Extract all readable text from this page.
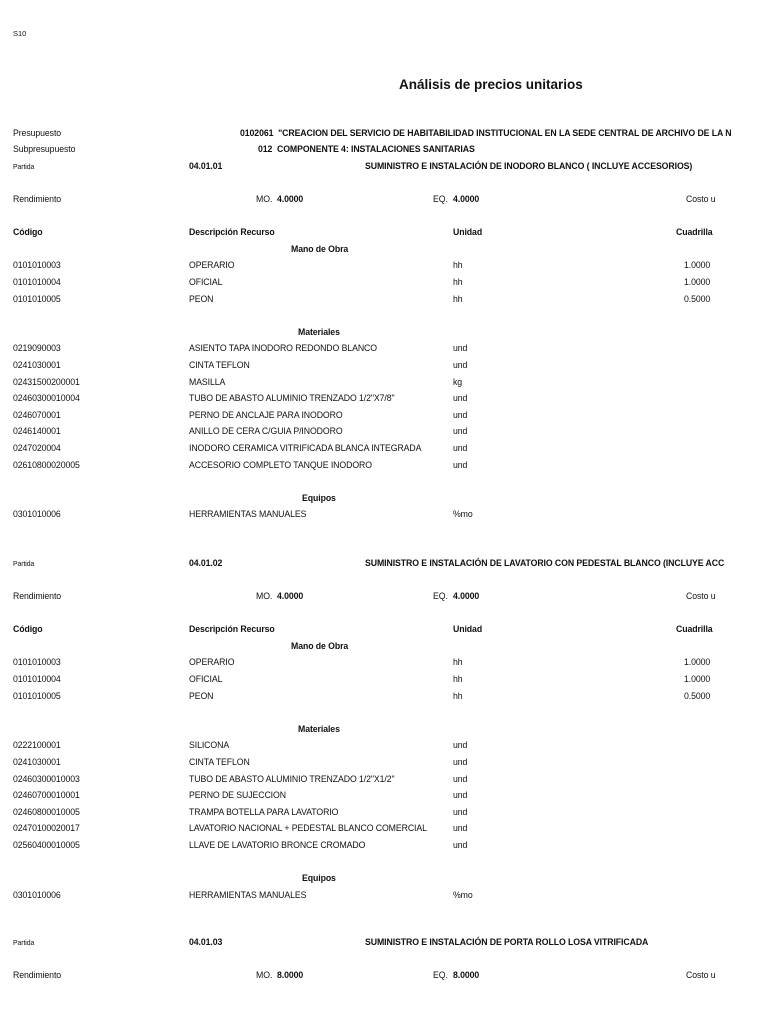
S10
Análisis de precios unitarios
Presupuesto	0102061 "CREACION DEL SERVICIO DE HABITABILIDAD INSTITUCIONAL EN LA SEDE CENTRAL DE ARCHIVO DE LA N
Subpresupuesto	012 COMPONENTE 4: INSTALACIONES SANITARIAS
Partida	04.01.01	SUMINISTRO E INSTALACIÓN DE INODORO BLANCO ( INCLUYE ACCESORIOS)
Rendimiento	MO. 4.0000	EQ. 4.0000	Costo u
Código	Descripción Recurso	Unidad	Cuadrilla
Mano de Obra
0101010003	OPERARIO	hh	1.0000
0101010004	OFICIAL	hh	1.0000
0101010005	PEON	hh	0.5000
Materiales
0219090003	ASIENTO TAPA INODORO REDONDO BLANCO	und
0241030001	CINTA TEFLON	und
02431500200001	MASILLA	kg
02460300010004	TUBO DE ABASTO ALUMINIO TRENZADO 1/2"X7/8"	und
0246070001	PERNO DE ANCLAJE PARA INODORO	und
0246140001	ANILLO DE CERA C/GUIA P/INODORO	und
0247020004	INODORO CERAMICA VITRIFICADA BLANCA INTEGRADA	und
02610800020005	ACCESORIO COMPLETO TANQUE INODORO	und
Equipos
0301010006	HERRAMIENTAS MANUALES	%mo
Partida	04.01.02	SUMINISTRO E INSTALACIÓN DE LAVATORIO CON PEDESTAL BLANCO (INCLUYE ACC
Rendimiento	MO. 4.0000	EQ. 4.0000	Costo u
Código	Descripción Recurso	Unidad	Cuadrilla
Mano de Obra
0101010003	OPERARIO	hh	1.0000
0101010004	OFICIAL	hh	1.0000
0101010005	PEON	hh	0.5000
Materiales
0222100001	SILICONA	und
0241030001	CINTA TEFLON	und
02460300010003	TUBO DE ABASTO ALUMINIO TRENZADO 1/2"X1/2"	und
02460700010001	PERNO DE SUJECCION	und
02460800010005	TRAMPA BOTELLA PARA LAVATORIO	und
02470100020017	LAVATORIO NACIONAL + PEDESTAL BLANCO COMERCIAL	und
02560400010005	LLAVE DE LAVATORIO BRONCE CROMADO	und
Equipos
0301010006	HERRAMIENTAS MANUALES	%mo
Partida	04.01.03	SUMINISTRO E INSTALACIÓN DE PORTA ROLLO LOSA VITRIFICADA
Rendimiento	MO. 8.0000	EQ. 8.0000	Costo u
